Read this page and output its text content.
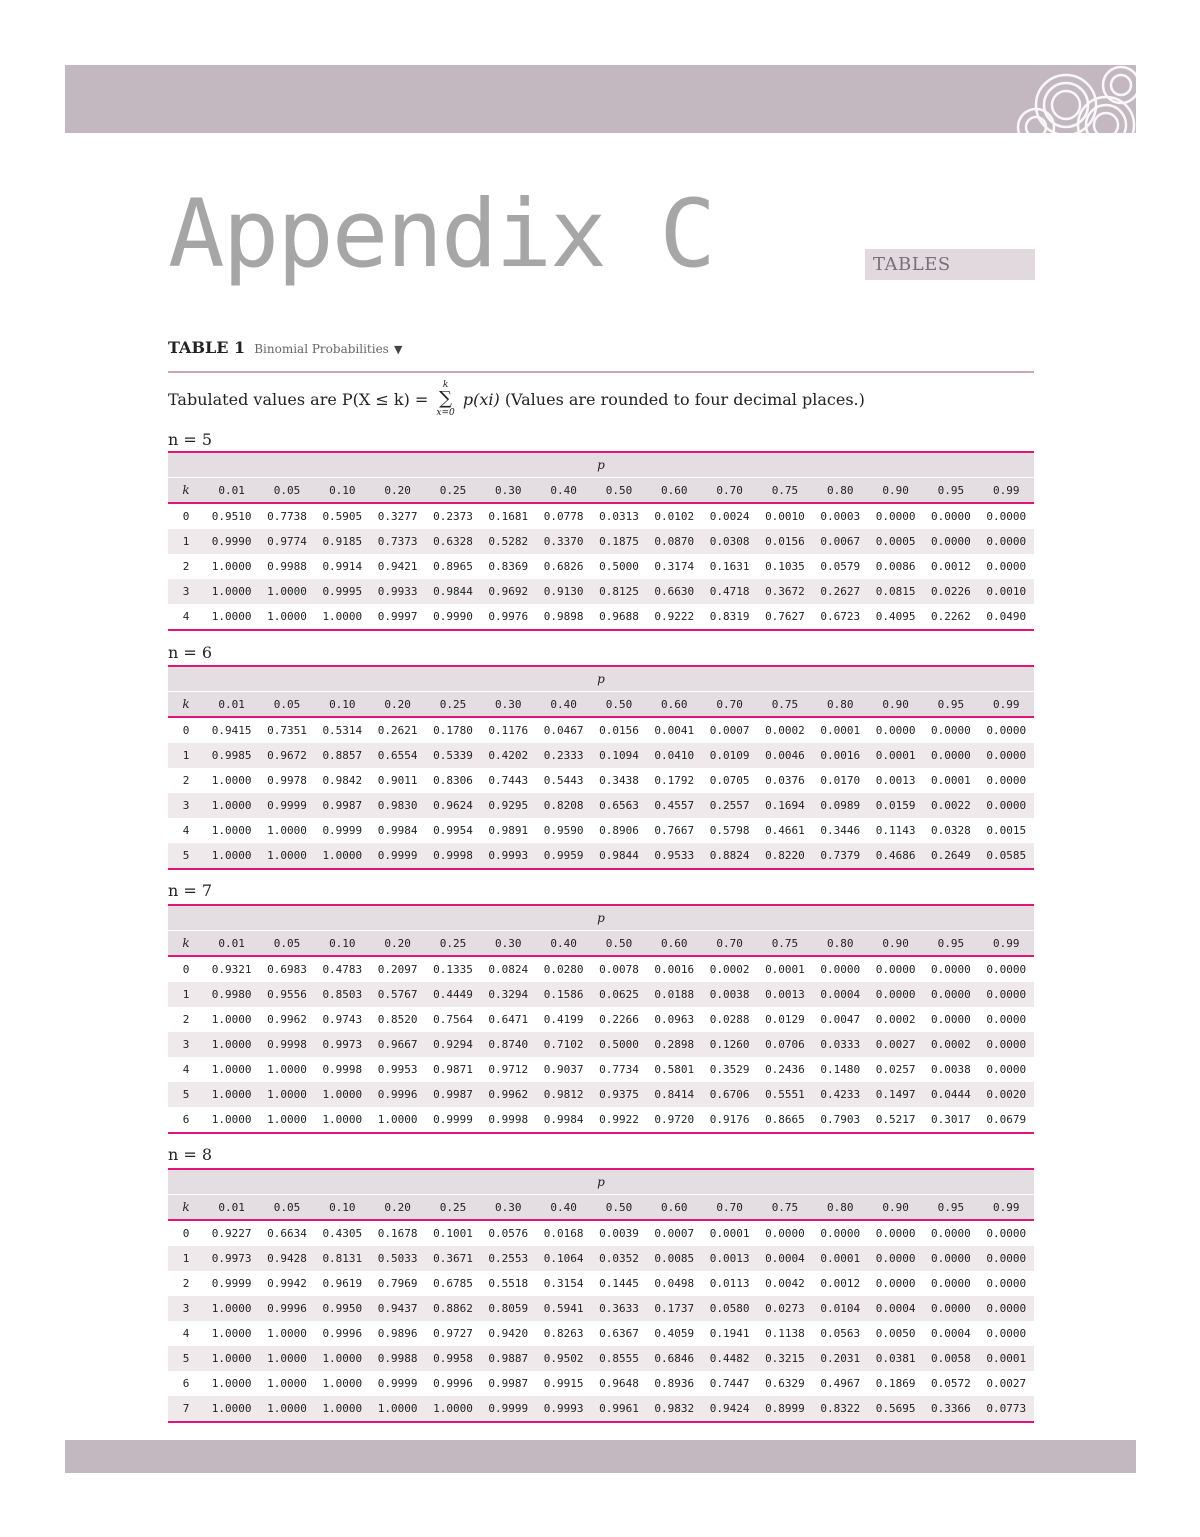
Appendix C	TABLES
TABLE 1 Binomial Probabilities ▼
Tabulated values are P(X ≤ k) =
k
∑
x=0
p(xi) (Values are rounded to four decimal places.)
n = 5
p															
k	0.01	0.05	0.10	0.20	0.25	0.30	0.40	0.50	0.60	0.70	0.75	0.80	0.90	0.95	0.99
0	0.9510	0.7738	0.5905	0.3277	0.2373	0.1681	0.0778	0.0313	0.0102	0.0024	0.0010	0.0003	0.0000	0.0000	0.0000
1	0.9990	0.9774	0.9185	0.7373	0.6328	0.5282	0.3370	0.1875	0.0870	0.0308	0.0156	0.0067	0.0005	0.0000	0.0000
2	1.0000	0.9988	0.9914	0.9421	0.8965	0.8369	0.6826	0.5000	0.3174	0.1631	0.1035	0.0579	0.0086	0.0012	0.0000
3	1.0000	1.0000	0.9995	0.9933	0.9844	0.9692	0.9130	0.8125	0.6630	0.4718	0.3672	0.2627	0.0815	0.0226	0.0010
4	1.0000	1.0000	1.0000	0.9997	0.9990	0.9976	0.9898	0.9688	0.9222	0.8319	0.7627	0.6723	0.4095	0.2262	0.0490
n = 6
p															
k	0.01	0.05	0.10	0.20	0.25	0.30	0.40	0.50	0.60	0.70	0.75	0.80	0.90	0.95	0.99
0	0.9415	0.7351	0.5314	0.2621	0.1780	0.1176	0.0467	0.0156	0.0041	0.0007	0.0002	0.0001	0.0000	0.0000	0.0000
1	0.9985	0.9672	0.8857	0.6554	0.5339	0.4202	0.2333	0.1094	0.0410	0.0109	0.0046	0.0016	0.0001	0.0000	0.0000
2	1.0000	0.9978	0.9842	0.9011	0.8306	0.7443	0.5443	0.3438	0.1792	0.0705	0.0376	0.0170	0.0013	0.0001	0.0000
3	1.0000	0.9999	0.9987	0.9830	0.9624	0.9295	0.8208	0.6563	0.4557	0.2557	0.1694	0.0989	0.0159	0.0022	0.0000
4	1.0000	1.0000	0.9999	0.9984	0.9954	0.9891	0.9590	0.8906	0.7667	0.5798	0.4661	0.3446	0.1143	0.0328	0.0015
5	1.0000	1.0000	1.0000	0.9999	0.9998	0.9993	0.9959	0.9844	0.9533	0.8824	0.8220	0.7379	0.4686	0.2649	0.0585
n = 7
p															
k	0.01	0.05	0.10	0.20	0.25	0.30	0.40	0.50	0.60	0.70	0.75	0.80	0.90	0.95	0.99
0	0.9321	0.6983	0.4783	0.2097	0.1335	0.0824	0.0280	0.0078	0.0016	0.0002	0.0001	0.0000	0.0000	0.0000	0.0000
1	0.9980	0.9556	0.8503	0.5767	0.4449	0.3294	0.1586	0.0625	0.0188	0.0038	0.0013	0.0004	0.0000	0.0000	0.0000
2	1.0000	0.9962	0.9743	0.8520	0.7564	0.6471	0.4199	0.2266	0.0963	0.0288	0.0129	0.0047	0.0002	0.0000	0.0000
3	1.0000	0.9998	0.9973	0.9667	0.9294	0.8740	0.7102	0.5000	0.2898	0.1260	0.0706	0.0333	0.0027	0.0002	0.0000
4	1.0000	1.0000	0.9998	0.9953	0.9871	0.9712	0.9037	0.7734	0.5801	0.3529	0.2436	0.1480	0.0257	0.0038	0.0000
5	1.0000	1.0000	1.0000	0.9996	0.9987	0.9962	0.9812	0.9375	0.8414	0.6706	0.5551	0.4233	0.1497	0.0444	0.0020
6	1.0000	1.0000	1.0000	1.0000	0.9999	0.9998	0.9984	0.9922	0.9720	0.9176	0.8665	0.7903	0.5217	0.3017	0.0679
n = 8
p															
k	0.01	0.05	0.10	0.20	0.25	0.30	0.40	0.50	0.60	0.70	0.75	0.80	0.90	0.95	0.99
0	0.9227	0.6634	0.4305	0.1678	0.1001	0.0576	0.0168	0.0039	0.0007	0.0001	0.0000	0.0000	0.0000	0.0000	0.0000
1	0.9973	0.9428	0.8131	0.5033	0.3671	0.2553	0.1064	0.0352	0.0085	0.0013	0.0004	0.0001	0.0000	0.0000	0.0000
2	0.9999	0.9942	0.9619	0.7969	0.6785	0.5518	0.3154	0.1445	0.0498	0.0113	0.0042	0.0012	0.0000	0.0000	0.0000
3	1.0000	0.9996	0.9950	0.9437	0.8862	0.8059	0.5941	0.3633	0.1737	0.0580	0.0273	0.0104	0.0004	0.0000	0.0000
4	1.0000	1.0000	0.9996	0.9896	0.9727	0.9420	0.8263	0.6367	0.4059	0.1941	0.1138	0.0563	0.0050	0.0004	0.0000
5	1.0000	1.0000	1.0000	0.9988	0.9958	0.9887	0.9502	0.8555	0.6846	0.4482	0.3215	0.2031	0.0381	0.0058	0.0001
6	1.0000	1.0000	1.0000	0.9999	0.9996	0.9987	0.9915	0.9648	0.8936	0.7447	0.6329	0.4967	0.1869	0.0572	0.0027
7	1.0000	1.0000	1.0000	1.0000	1.0000	0.9999	0.9993	0.9961	0.9832	0.9424	0.8999	0.8322	0.5695	0.3366	0.0773
